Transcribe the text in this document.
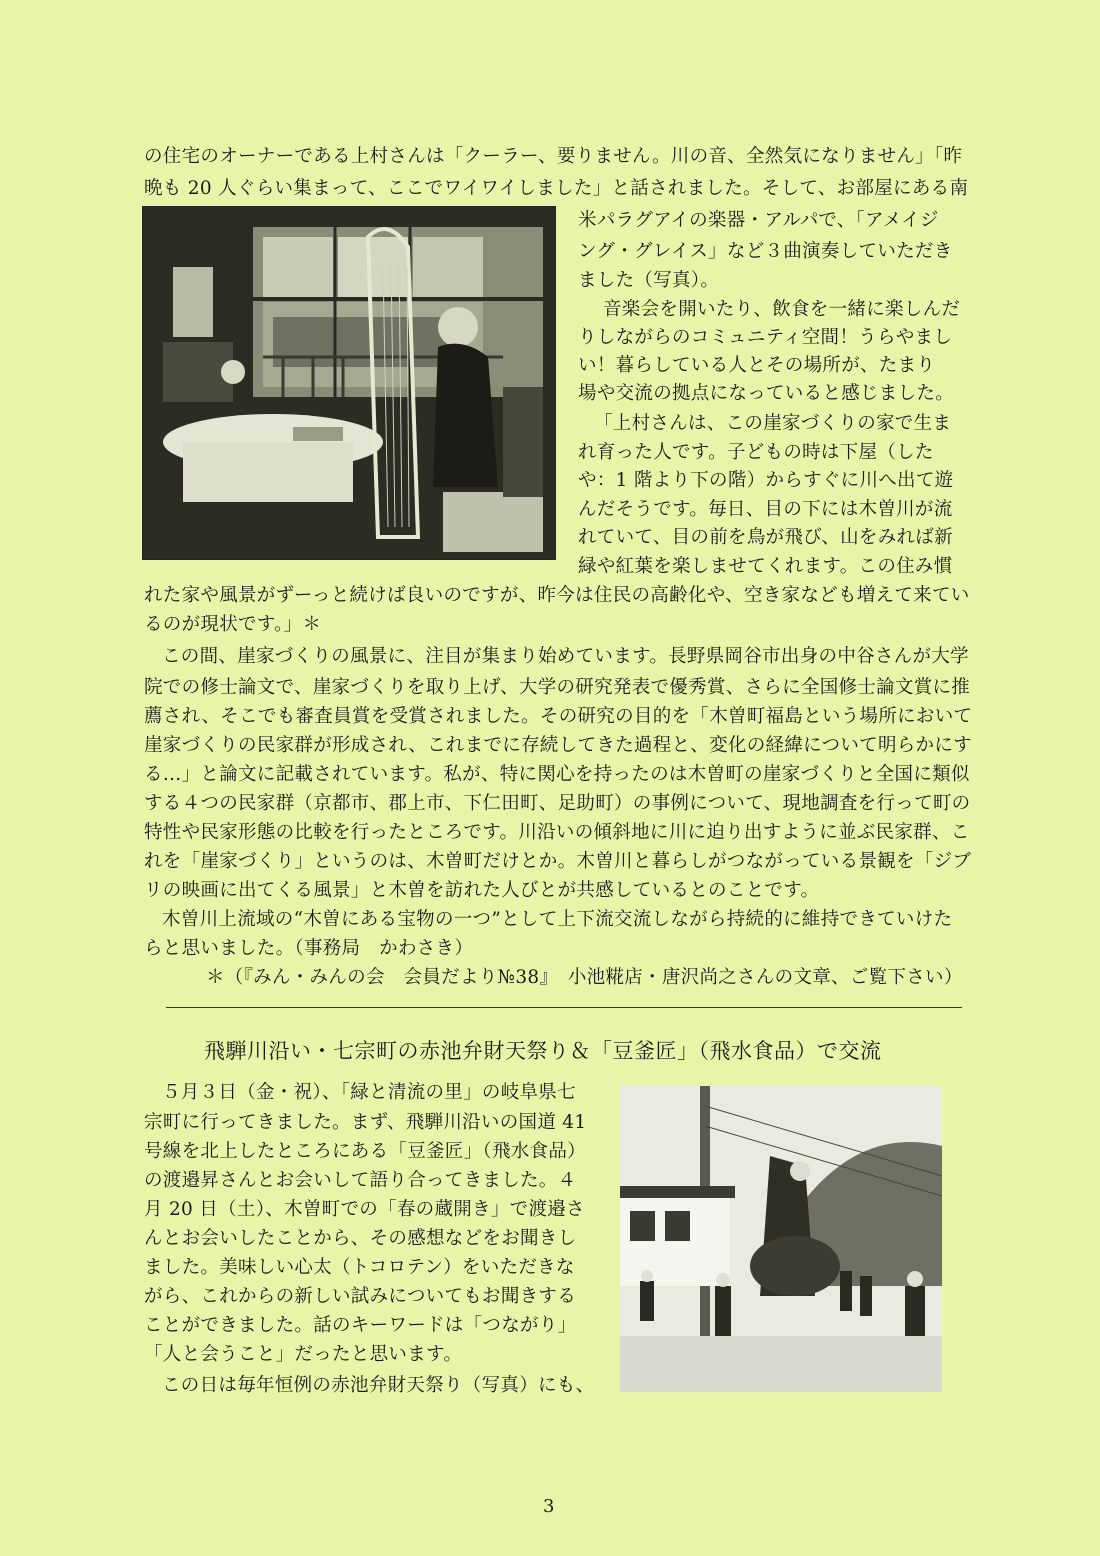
の住宅のオーナーである上村さんは「クーラー、要りません。川の音、全然気になりません」「昨
晩も 20 人ぐらい集まって、ここでワイワイしました」と話されました。そして、お部屋にある南
米パラグアイの楽器・アルパで、「アメイジ
ング・グレイス」など３曲演奏していただき
ました（写真）。
音楽会を開いたり、飲食を一緒に楽しんだ
りしながらのコミュニティ空間！うらやまし
い！暮らしている人とその場所が、たまり
場や交流の拠点になっていると感じました。
「上村さんは、この崖家づくりの家で生ま
れ育った人です。子どもの時は下屋（した
や：1 階より下の階）からすぐに川へ出て遊
んだそうです。毎日、目の下には木曽川が流
れていて、目の前を鳥が飛び、山をみれば新
緑や紅葉を楽しませてくれます。この住み慣
れた家や風景がずーっと続けば良いのですが、昨今は住民の高齢化や、空き家なども増えて来てい
るのが現状です。」＊
この間、崖家づくりの風景に、注目が集まり始めています。長野県岡谷市出身の中谷さんが大学
院での修士論文で、崖家づくりを取り上げ、大学の研究発表で優秀賞、さらに全国修士論文賞に推
薦され、そこでも審査員賞を受賞されました。その研究の目的を「木曽町福島という場所において
崖家づくりの民家群が形成され、これまでに存続してきた過程と、変化の経緯について明らかにす
る…」と論文に記載されています。私が、特に関心を持ったのは木曽町の崖家づくりと全国に類似
する４つの民家群（京都市、郡上市、下仁田町、足助町）の事例について、現地調査を行って町の
特性や民家形態の比較を行ったところです。川沿いの傾斜地に川に迫り出すように並ぶ民家群、こ
れを「崖家づくり」というのは、木曽町だけとか。木曽川と暮らしがつながっている景観を「ジブ
リの映画に出てくる風景」と木曽を訪れた人びとが共感しているとのことです。
木曽川上流域の“木曽にある宝物の一つ”として上下流交流しながら持続的に維持できていけた
らと思いました。（事務局　かわさき）
＊（『みん・みんの会　会員だより№38』　小池糀店・唐沢尚之さんの文章、ご覧下さい）
飛騨川沿い・七宗町の赤池弁財天祭り＆「豆釜匠」（飛水食品）で交流
５月３日（金・祝）、「緑と清流の里」の岐阜県七
宗町に行ってきました。まず、飛騨川沿いの国道 41
号線を北上したところにある「豆釜匠」（飛水食品）
の渡邉昇さんとお会いして語り合ってきました。４
月 20 日（土）、木曽町での「春の蔵開き」で渡邉さ
んとお会いしたことから、その感想などをお聞きし
ました。美味しい心太（トコロテン）をいただきな
がら、これからの新しい試みについてもお聞きする
ことができました。話のキーワードは「つながり」
「人と会うこと」だったと思います。
この日は毎年恒例の赤池弁財天祭り（写真）にも、
3
